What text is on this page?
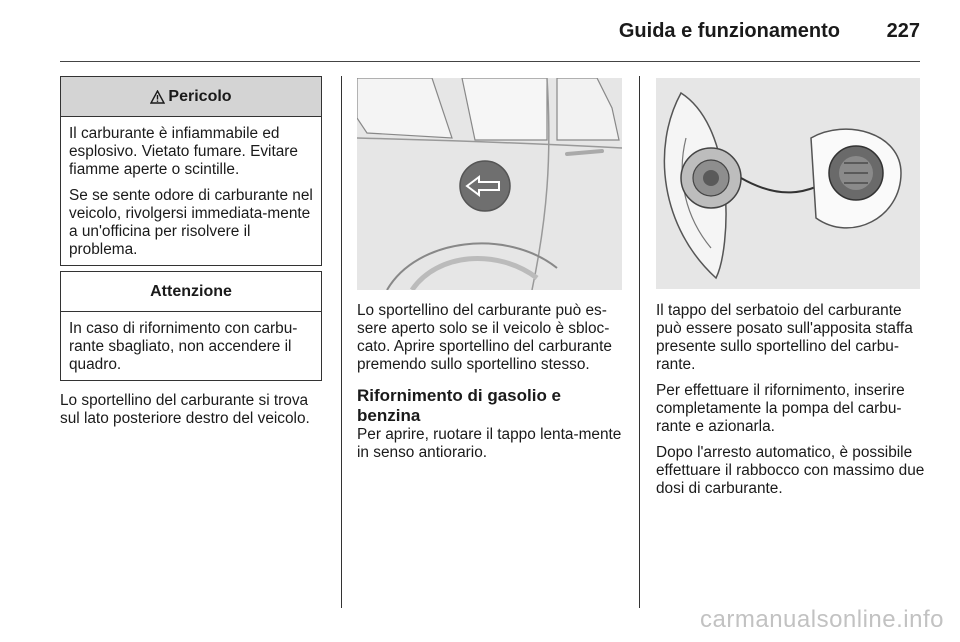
Guida e funzionamento 227
Pericolo

Il carburante è infiammabile ed esplosivo. Vietato fumare. Evitare fiamme aperte o scintille.

Se se sente odore di carburante nel veicolo, rivolgersi immediata-mente a un'officina per risolvere il problema.

Attenzione

In caso di rifornimento con carbu-rante sbagliato, non accendere il quadro.

Lo sportellino del carburante si trova sul lato posteriore destro del veicolo.

Lo sportellino del carburante può es-sere aperto solo se il veicolo è sbloc-cato. Aprire sportellino del carburante premendo sullo sportellino stesso.

Rifornimento di gasolio e benzina

Per aprire, ruotare il tappo lenta-mente in senso antiorario.

Il tappo del serbatoio del carburante può essere posato sull'apposita staffa presente sullo sportellino del carbu-rante.

Per effettuare il rifornimento, inserire completamente la pompa del carbu-rante e azionarla.

Dopo l'arresto automatico, è possibile effettuare il rabbocco con massimo due dosi di carburante.

carmanualsonline.info
